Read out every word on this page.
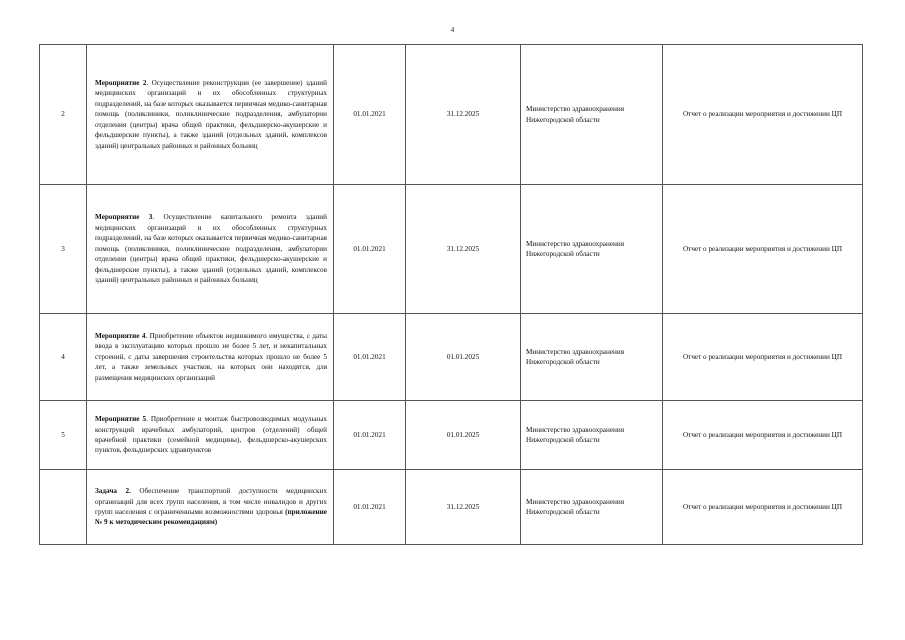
4
2	Мероприятие 2. Осуществление реконструкции (ее завершение) зданий медицинских организаций и их обособленных структурных подразделений, на базе которых оказывается первичная медико-санитарная помощь (поликлиники, поликлинические подразделения, амбулатории отделения (центры) врача общей практики, фельдшерско-акушерские и фельдшерские пункты), а также зданий (отдельных зданий, комплексов зданий) центральных районных и районных больниц	01.01.2021	31.12.2025	Министерство здравоохранения Нижегородской области	Отчет о реализации мероприятия и достижении ЦП
3	Мероприятие 3. Осуществление капитального ремонта зданий медицинских организаций и их обособленных структурных подразделений, на базе которых оказывается первичная медико-санитарная помощь (поликлиники, поликлинические подразделения, амбулатории отделения (центры) врача общей практики, фельдшерско-акушерские и фельдшерские пункты), а также зданий (отдельных зданий, комплексов зданий) центральных районных и районных больниц	01.01.2021	31.12.2025	Министерство здравоохранения Нижегородской области	Отчет о реализации мероприятия и достижении ЦП
4	Мероприятие 4. Приобретение объектов недвижимого имущества, с даты ввода в эксплуатацию которых прошло не более 5 лет, и некапитальных строений, с даты завершения строительства которых прошло не более 5 лет, а также земельных участков, на которых они находятся, для размещения медицинских организаций	01.01.2021	01.01.2025	Министерство здравоохранения Нижегородской области	Отчет о реализации мероприятия и достижении ЦП
5	Мероприятие 5. Приобретение и монтаж быстровозводимых модульных конструкций врачебных амбулаторий, центров (отделений) общей врачебной практики (семейной медицины), фельдшерско-акушерских пунктов, фельдшерских здравпунктов	01.01.2021	01.01.2025	Министерство здравоохранения Нижегородской области	Отчет о реализации мероприятия и достижении ЦП
	Задача 2. Обеспечение транспортной доступности медицинских организаций для всех групп населения, в том числе инвалидов и других групп населения с ограниченными возможностями здоровья (приложение № 9 к методическим рекомендациям)	01.01.2021	31.12.2025	Министерство здравоохранения Нижегородской области	Отчет о реализации мероприятия и достижении ЦП
